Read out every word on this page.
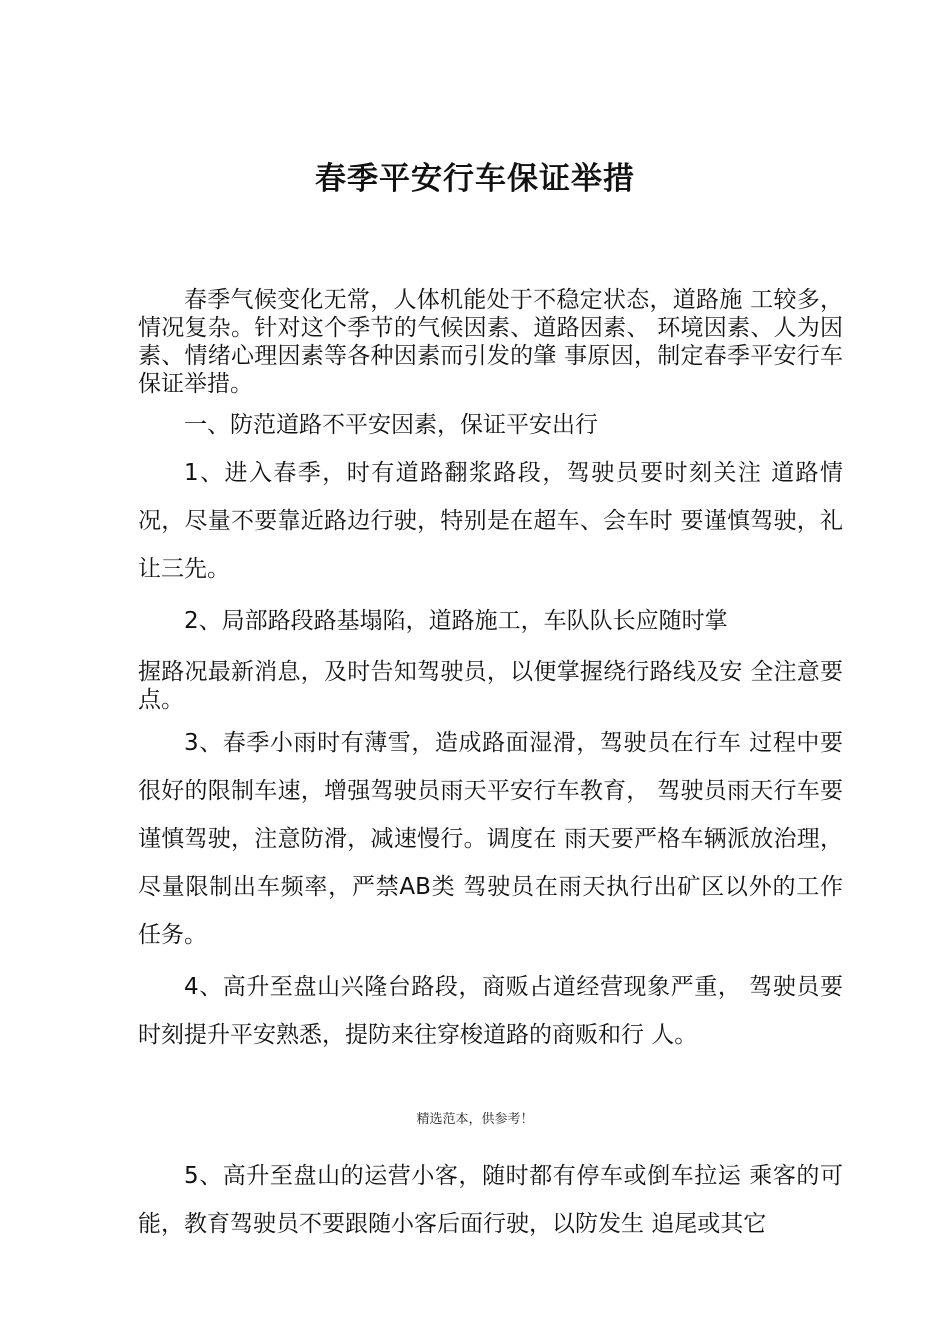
春季平安行车保证举措

春季气候变化无常，人体机能处于不稳定状态，道路施 工较多，情况复杂。针对这个季节的气候因素、道路因素、 环境因素、人为因素、情绪心理因素等各种因素而引发的肇 事原因，制定春季平安行车保证举措。

一、防范道路不平安因素，保证平安出行

1、进入春季，时有道路翻浆路段，驾驶员要时刻关注 道路情况，尽量不要靠近路边行驶，特别是在超车、会车时 要谨慎驾驶，礼让三先。

2、局部路段路基塌陷，道路施工，车队队长应随时掌

握路况最新消息，及时告知驾驶员，以便掌握绕行路线及安 全注意要点。

3、春季小雨时有薄雪，造成路面湿滑，驾驶员在行车 过程中要很好的限制车速，增强驾驶员雨天平安行车教育， 驾驶员雨天行车要谨慎驾驶，注意防滑，减速慢行。调度在 雨天要严格车辆派放治理，尽量限制出车频率，严禁AB类 驾驶员在雨天执行出矿区以外的工作任务。

4、高升至盘山兴隆台路段，商贩占道经营现象严重， 驾驶员要时刻提升平安熟悉，提防来往穿梭道路的商贩和行 人。

精选范本，供参考！

5、高升至盘山的运营小客，随时都有停车或倒车拉运 乘客的可能，教育驾驶员不要跟随小客后面行驶，以防发生 追尾或其它
